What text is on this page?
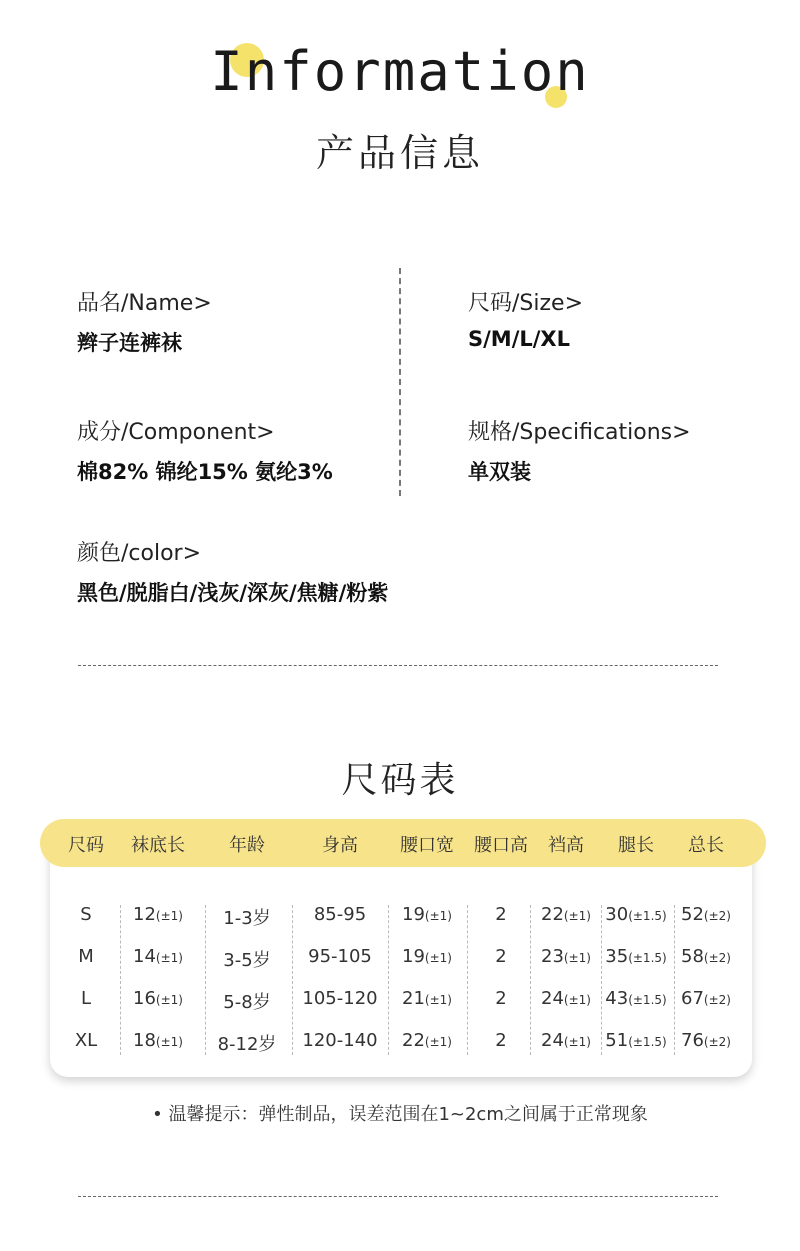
Information
产品信息
品名/Name>
辫子连裤袜
尺码/Size>
S/M/L/XL
成分/Component>
棉82% 锦纶15% 氨纶3%
规格/Specifications>
单双装
颜色/color>
黑色/脱脂白/浅灰/深灰/焦糖/粉紫
尺码表
尺码 袜底长 年龄	身高 腰口宽 腰口高 裆高 腿长 总长
S 12(±1) 1-3岁 85-95 19(±1) 2 22(±1) 30(±1.5) 52(±2)
M 14(±1) 3-5岁 95-105 19(±1) 2 23(±1) 35(±1.5) 58(±2)
L 16(±1) 5-8岁 105-120 21(±1) 2 24(±1) 43(±1.5) 67(±2)
XL 18(±1) 8-12岁 120-140 22(±1) 2 24(±1) 51(±1.5) 76(±2)
• 温馨提示：弹性制品，误差范围在1~2cm之间属于正常现象
